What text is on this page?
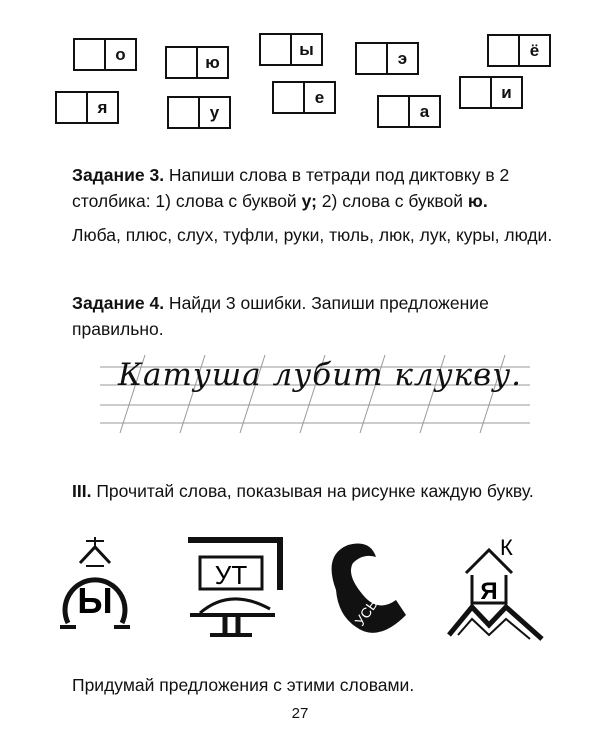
о	ю
ы	э	ё
я	у
е
а
и
Задание 3. Напиши слова в тетради под диктовку в 2 столбика: 1) слова с буквой у; 2) слова с буквой ю.
Люба, плюс, слух, туфли, руки, тюль, люк, лук, куры, люди.
Задание 4. Найди 3 ошибки. Запиши предложение правильно.
Катуша лубит клукву.
III. Прочитай слова, показывая на рисунке каждую букву.
Ы
УТ
УСЬ
Я
К
Придумай предложения с этими словами.
27
